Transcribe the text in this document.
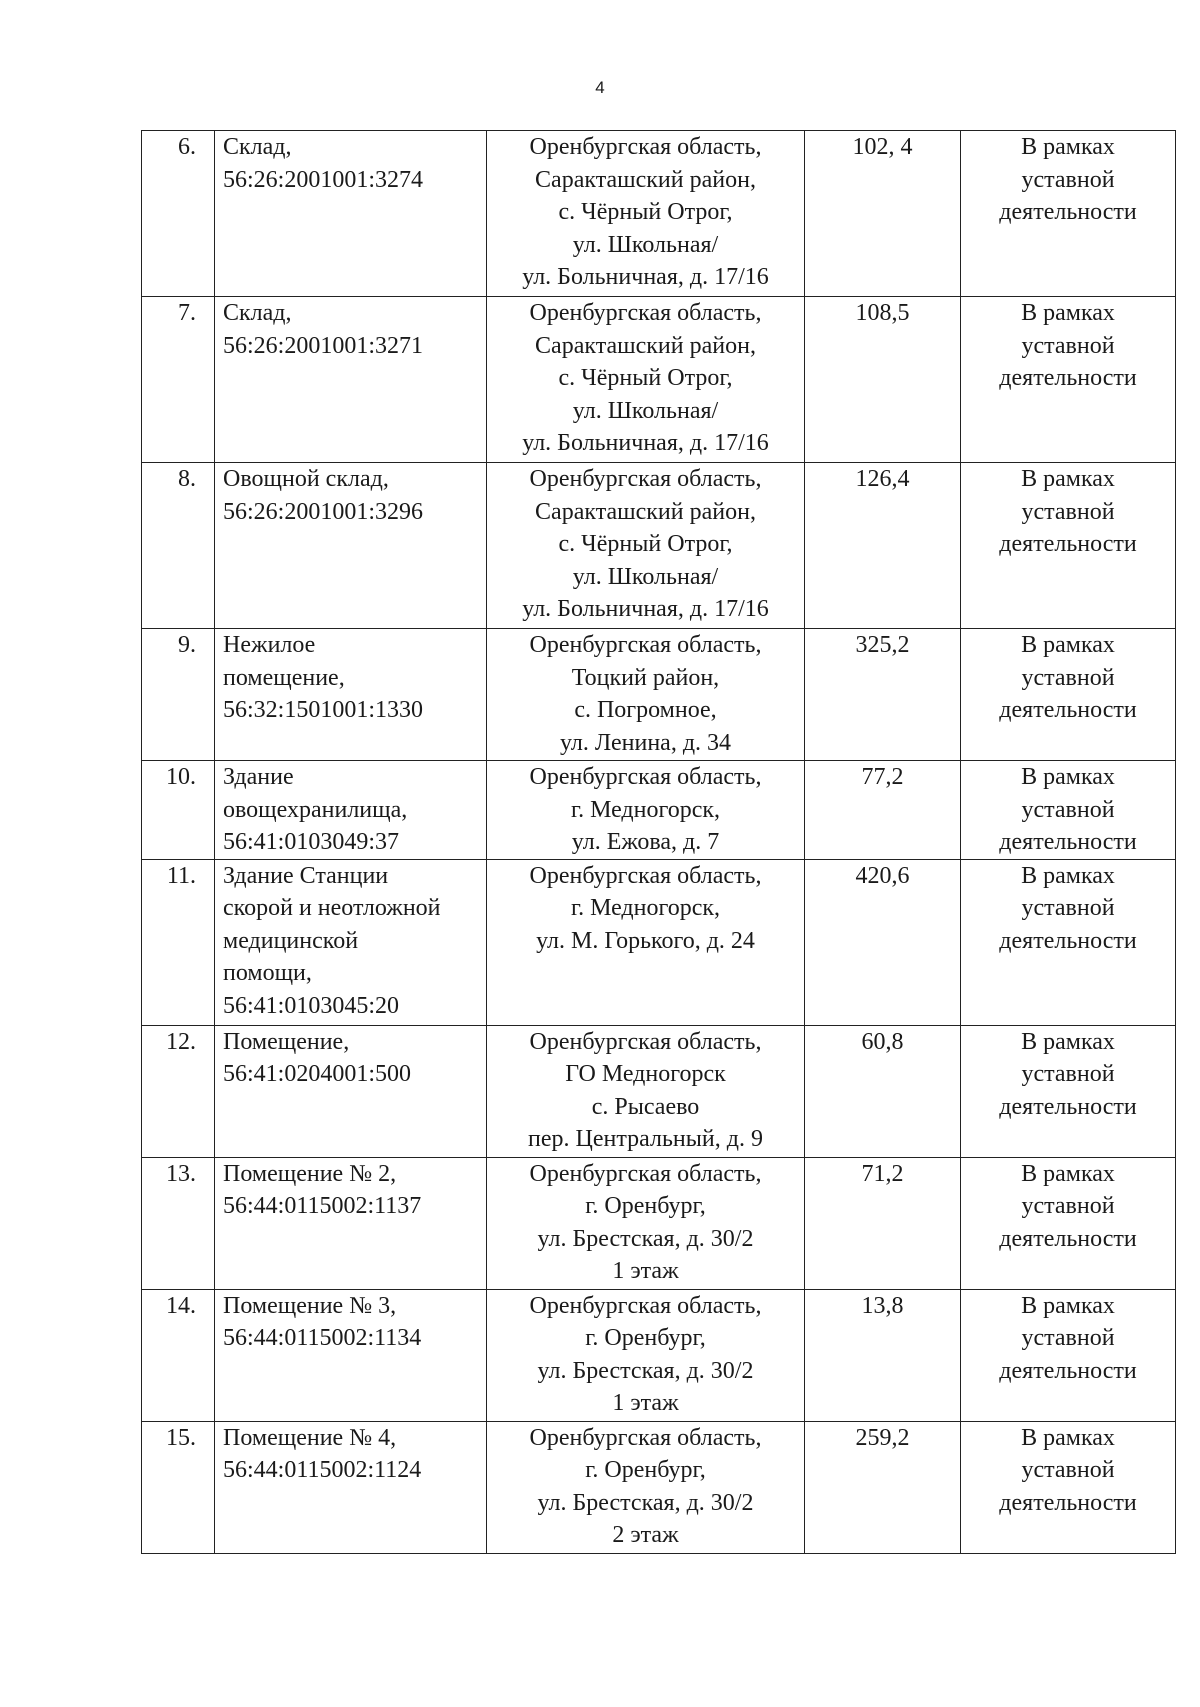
4
6.	Склад,
56:26:2001001:3274	Оренбургская область,
Саракташский район,
с. Чёрный Отрог,
ул. Школьная/
ул. Больничная, д. 17/16	102, 4	В рамках
уставной
деятельности

7.	Склад,
56:26:2001001:3271	Оренбургская область,
Саракташский район,
с. Чёрный Отрог,
ул. Школьная/
ул. Больничная, д. 17/16	108,5	В рамках
уставной
деятельности

8.	Овощной склад,
56:26:2001001:3296	Оренбургская область,
Саракташский район,
с. Чёрный Отрог,
ул. Школьная/
ул. Больничная, д. 17/16	126,4	В рамках
уставной
деятельности

9.	Нежилое
помещение,
56:32:1501001:1330	Оренбургская область,
Тоцкий район,
с. Погромное,
ул. Ленина, д. 34	325,2	В рамках
уставной
деятельности

10.	Здание
овощехранилища,
56:41:0103049:37	Оренбургская область,
г. Медногорск,
ул. Ежова, д. 7	77,2	В рамках
уставной
деятельности

11.	Здание Станции
скорой и неотложной
медицинской
помощи,
56:41:0103045:20	Оренбургская область,
г. Медногорск,
ул. М. Горького, д. 24	420,6	В рамках
уставной
деятельности

12.	Помещение,
56:41:0204001:500	Оренбургская область,
ГО Медногорск
с. Рысаево
пер. Центральный, д. 9	60,8	В рамках
уставной
деятельности

13.	Помещение № 2,
56:44:0115002:1137	Оренбургская область,
г. Оренбург,
ул. Брестская, д. 30/2
1 этаж	71,2	В рамках
уставной
деятельности

14.	Помещение № 3,
56:44:0115002:1134	Оренбургская область,
г. Оренбург,
ул. Брестская, д. 30/2
1 этаж	13,8	В рамках
уставной
деятельности

15.	Помещение № 4,
56:44:0115002:1124	Оренбургская область,
г. Оренбург,
ул. Брестская, д. 30/2
2 этаж	259,2	В рамках
уставной
деятельности
